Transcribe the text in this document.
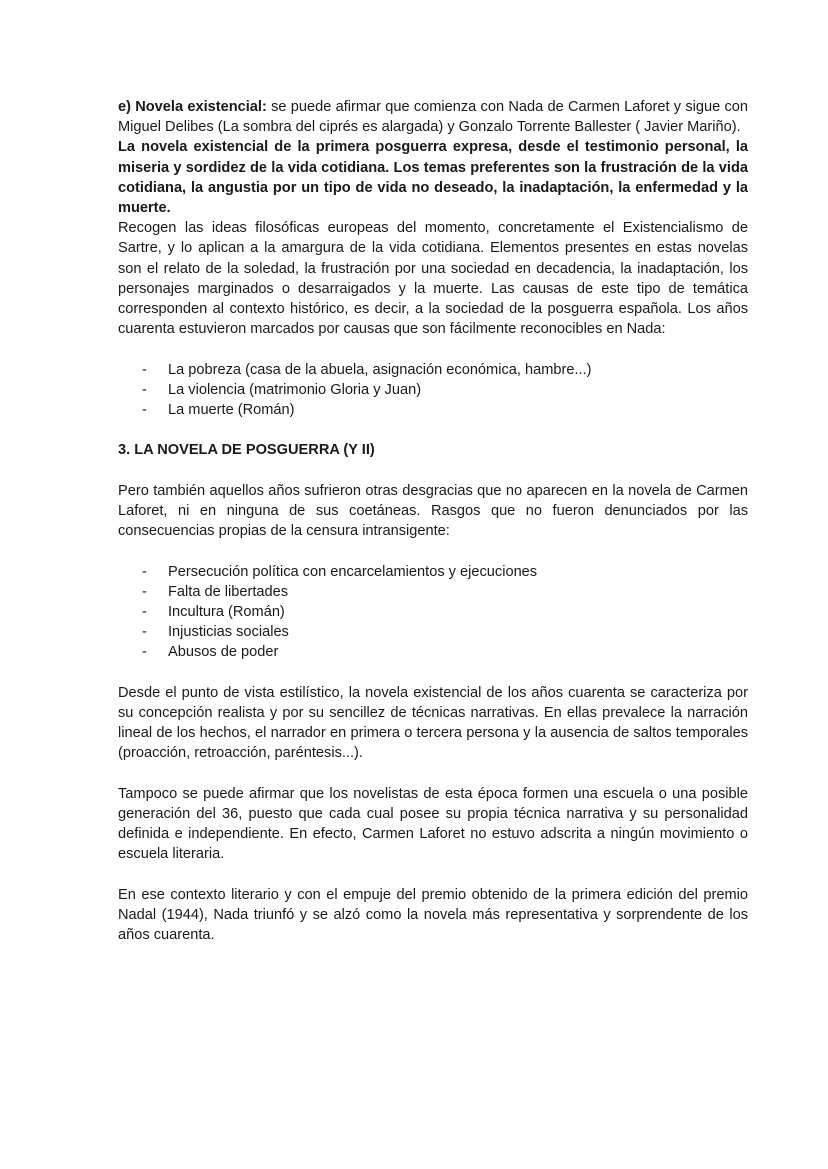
e) Novela existencial: se puede afirmar que comienza con Nada de Carmen Laforet y sigue con Miguel Delibes (La sombra del ciprés es alargada) y Gonzalo Torrente Ballester ( Javier Mariño).

La novela existencial de la primera posguerra expresa, desde el testimonio personal, la miseria y sordidez de la vida cotidiana. Los temas preferentes son la frustración de la vida cotidiana, la angustia por un tipo de vida no deseado, la inadaptación, la enfermedad y la muerte.

Recogen las ideas filosóficas europeas del momento, concretamente el Existencialismo de Sartre, y lo aplican a la amargura de la vida cotidiana. Elementos presentes en estas novelas son el relato de la soledad, la frustración por una sociedad en decadencia, la inadaptación, los personajes marginados o desarraigados y la muerte. Las causas de este tipo de temática corresponden al contexto histórico, es decir, a la sociedad de la posguerra española. Los años cuarenta estuvieron marcados por causas que son fácilmente reconocibles en Nada:

- La pobreza (casa de la abuela, asignación económica, hambre...)
- La violencia (matrimonio Gloria y Juan)
- La muerte (Román)
3. LA NOVELA DE POSGUERRA (Y II)

Pero también aquellos años sufrieron otras desgracias que no aparecen en la novela de Carmen Laforet, ni en ninguna de sus coetáneas. Rasgos que no fueron denunciados por las consecuencias propias de la censura intransigente:

- Persecución política con encarcelamientos y ejecuciones
- Falta de libertades
- Incultura (Román)
- Injusticias sociales
- Abusos de poder

Desde el punto de vista estilístico, la novela existencial de los años cuarenta se caracteriza por su concepción realista y por su sencillez de técnicas narrativas. En ellas prevalece la narración lineal de los hechos, el narrador en primera o tercera persona y la ausencia de saltos temporales (proacción, retroacción, paréntesis...).

Tampoco se puede afirmar que los novelistas de esta época formen una escuela o una posible generación del 36, puesto que cada cual posee su propia técnica narrativa y su personalidad definida e independiente. En efecto, Carmen Laforet no estuvo adscrita a ningún movimiento o escuela literaria.

En ese contexto literario y con el empuje del premio obtenido de la primera edición del premio Nadal (1944), Nada triunfó y se alzó como la novela más representativa y sorprendente de los años cuarenta.
